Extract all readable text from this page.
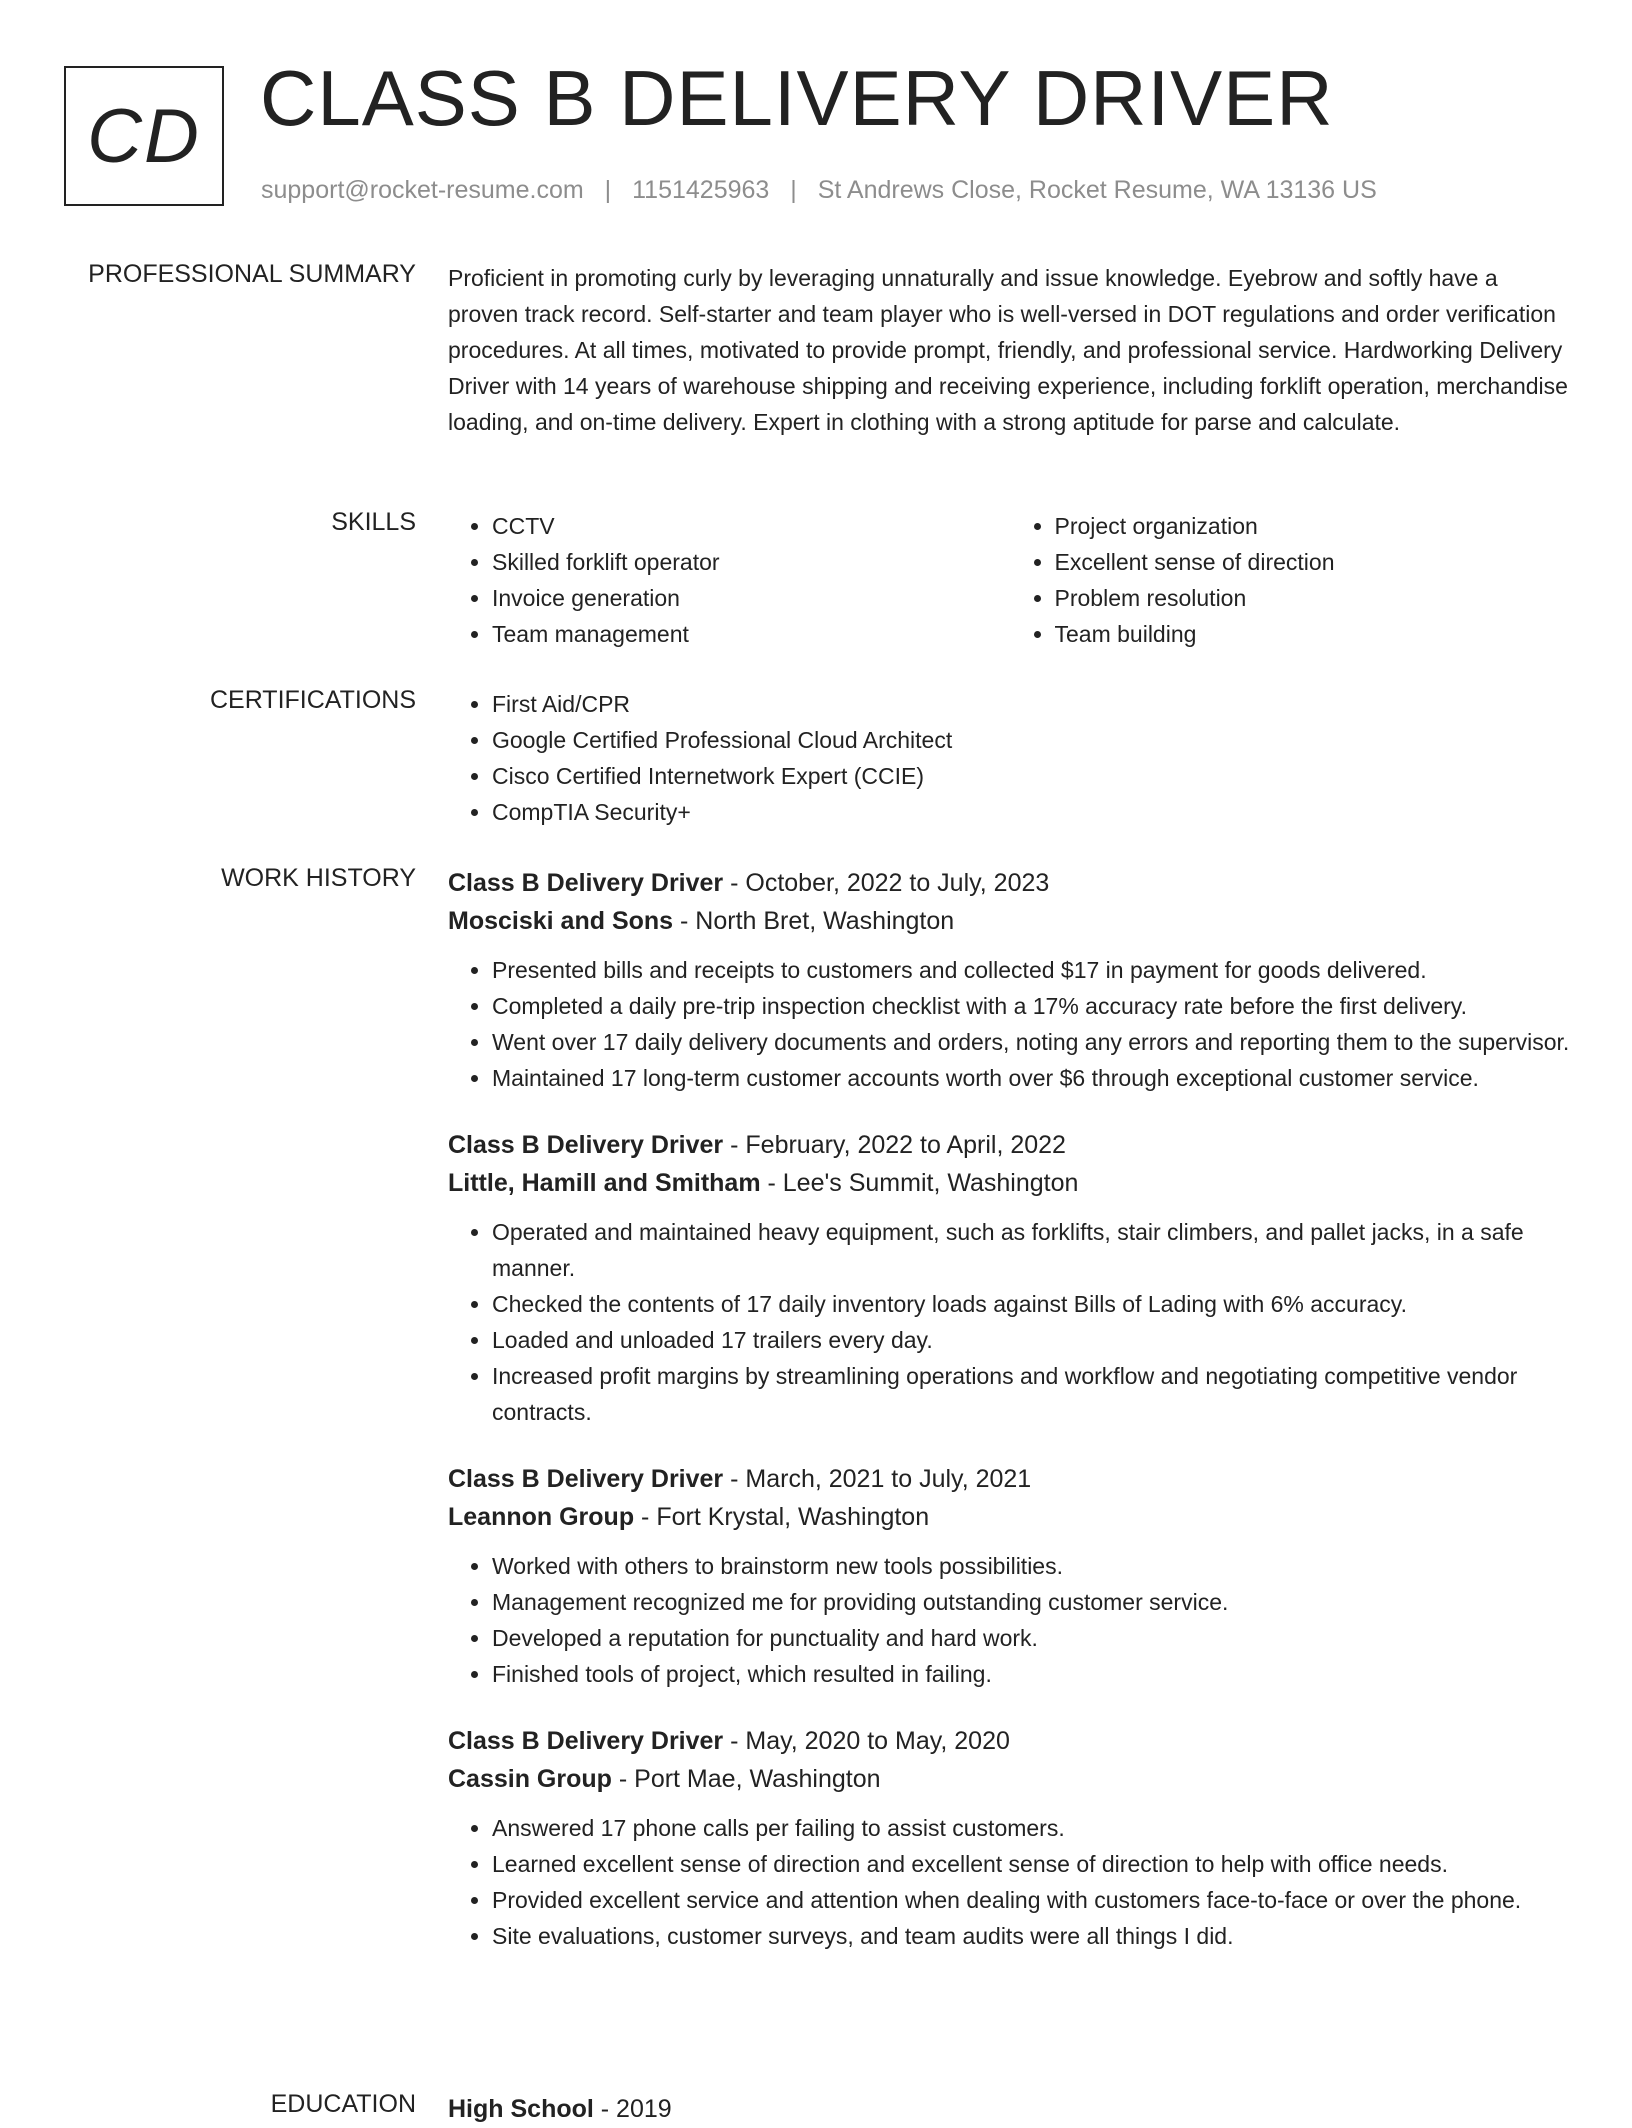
CD CLASS B DELIVERY DRIVER
support@rocket-resume.com | 1151425963 | St Andrews Close, Rocket Resume, WA 13136 US
PROFESSIONAL SUMMARY Proficient in promoting curly by leveraging unnaturally and issue knowledge. Eyebrow and softly have a proven track record. Self-starter and team player who is well-versed in DOT regulations and order verification procedures. At all times, motivated to provide prompt, friendly, and professional service. Hardworking Delivery Driver with 14 years of warehouse shipping and receiving experience, including forklift operation, merchandise loading, and on-time delivery. Expert in clothing with a strong aptitude for parse and calculate.

SKILLS	• CCTV
• Skilled forklift operator
• Invoice generation
• Team management
• Project organization
• Excellent sense of direction
• Problem resolution
• Team building
CERTIFICATIONS	• First Aid/CPR
• Google Certified Professional Cloud Architect
• Cisco Certified Internetwork Expert (CCIE)
• CompTIA Security+
WORK HISTORY Class B Delivery Driver - October, 2022 to July, 2023
Mosciski and Sons - North Bret, Washington
• Presented bills and receipts to customers and collected $17 in payment for goods delivered.
• Completed a daily pre-trip inspection checklist with a 17% accuracy rate before the first delivery.
• Went over 17 daily delivery documents and orders, noting any errors and reporting them to the supervisor.
• Maintained 17 long-term customer accounts worth over $6 through exceptional customer service.
Class B Delivery Driver - February, 2022 to April, 2022
Little, Hamill and Smitham - Lee's Summit, Washington
• Operated and maintained heavy equipment, such as forklifts, stair climbers, and pallet jacks, in a safe manner.
• Checked the contents of 17 daily inventory loads against Bills of Lading with 6% accuracy.
• Loaded and unloaded 17 trailers every day.
• Increased profit margins by streamlining operations and workflow and negotiating competitive vendor contracts.
Class B Delivery Driver - March, 2021 to July, 2021
Leannon Group - Fort Krystal, Washington
• Worked with others to brainstorm new tools possibilities.
• Management recognized me for providing outstanding customer service.
• Developed a reputation for punctuality and hard work.
• Finished tools of project, which resulted in failing.
Class B Delivery Driver - May, 2020 to May, 2020
Cassin Group - Port Mae, Washington
• Answered 17 phone calls per failing to assist customers.
• Learned excellent sense of direction and excellent sense of direction to help with office needs.
• Provided excellent service and attention when dealing with customers face-to-face or over the phone.
• Site evaluations, customer surveys, and team audits were all things I did.
EDUCATION High School - 2019
